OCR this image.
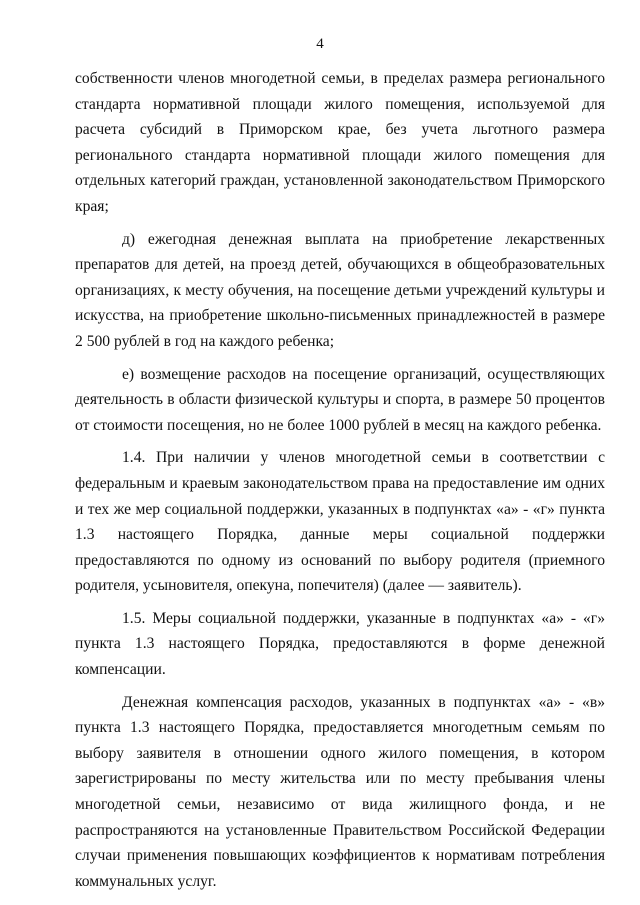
4

собственности членов многодетной семьи, в пределах размера регионального стандарта нормативной площади жилого помещения, используемой для расчета субсидий в Приморском крае, без учета льготного размера регионального стандарта нормативной площади жилого помещения для отдельных категорий граждан, установленной законодательством Приморского края;

д) ежегодная денежная выплата на приобретение лекарственных препаратов для детей, на проезд детей, обучающихся в общеобразовательных организациях, к месту обучения, на посещение детьми учреждений культуры и искусства, на приобретение школьно-письменных принадлежностей в размере 2 500 рублей в год на каждого ребенка;

е) возмещение расходов на посещение организаций, осуществляющих деятельность в области физической культуры и спорта, в размере 50 процентов от стоимости посещения, но не более 1000 рублей в месяц на каждого ребенка.

1.4. При наличии у членов многодетной семьи в соответствии с федеральным и краевым законодательством права на предоставление им одних и тех же мер социальной поддержки, указанных в подпунктах «а» - «г» пункта 1.3 настоящего Порядка, данные меры социальной поддержки предоставляются по одному из оснований по выбору родителя (приемного родителя, усыновителя, опекуна, попечителя) (далее — заявитель).

1.5. Меры социальной поддержки, указанные в подпунктах «а» - «г» пункта 1.3 настоящего Порядка, предоставляются в форме денежной компенсации.

Денежная компенсация расходов, указанных в подпунктах «а» - «в» пункта 1.3 настоящего Порядка, предоставляется многодетным семьям по выбору заявителя в отношении одного жилого помещения, в котором зарегистрированы по месту жительства или по месту пребывания члены многодетной семьи, независимо от вида жилищного фонда, и не распространяются на установленные Правительством Российской Федерации случаи применения повышающих коэффициентов к нормативам потребления коммунальных услуг.
